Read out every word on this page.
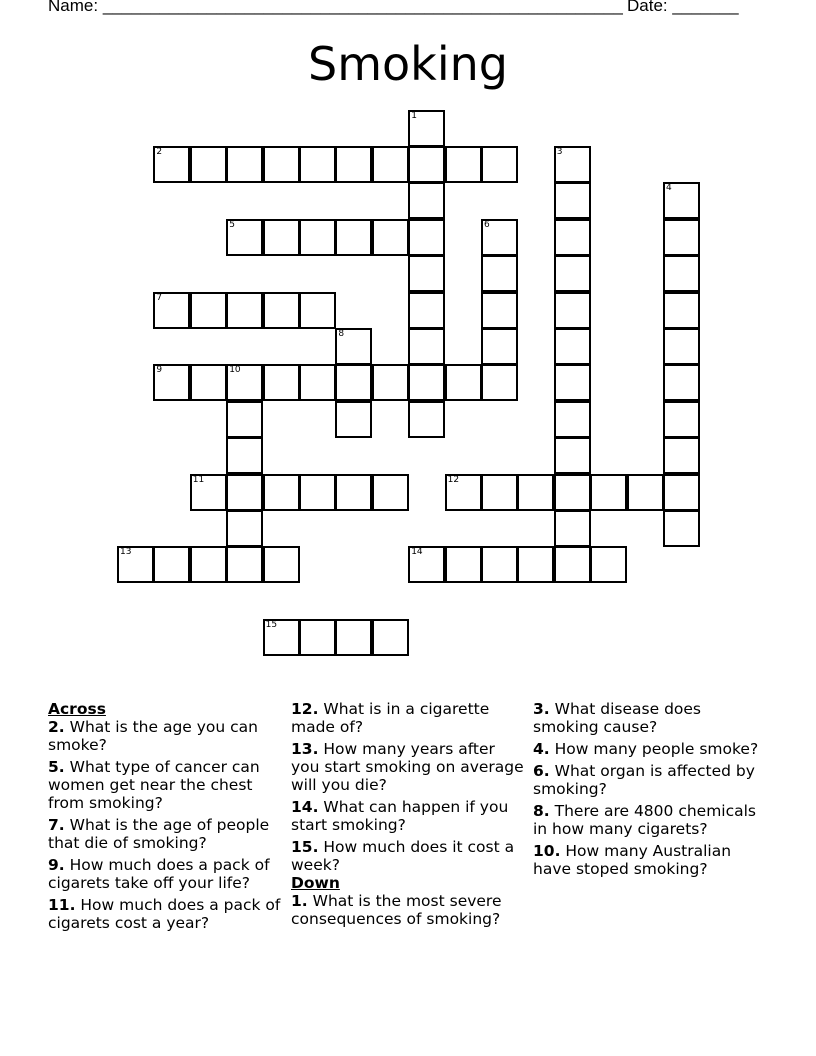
Name: _______________________________________________________ Date: _______
Smoking
2
5
7
9	10
11	12
13	14
15
1
3
4
6
8
Across
2. What is the age you can smoke?
5. What type of cancer can women get near the chest from smoking?
7. What is the age of people that die of smoking?
9. How much does a pack of cigarets take off your life?
11. How much does a pack of cigarets cost a year?
12. What is in a cigarette made of?
13. How many years after you start smoking on average will you die?
14. What can happen if you start smoking?
15. How much does it cost a week?
Down
1. What is the most severe consequences of smoking?
3. What disease does smoking cause?
4. How many people smoke?
6. What organ is affected by smoking?
8. There are 4800 chemicals in how many cigarets?
10. How many Australian have stoped smoking?
